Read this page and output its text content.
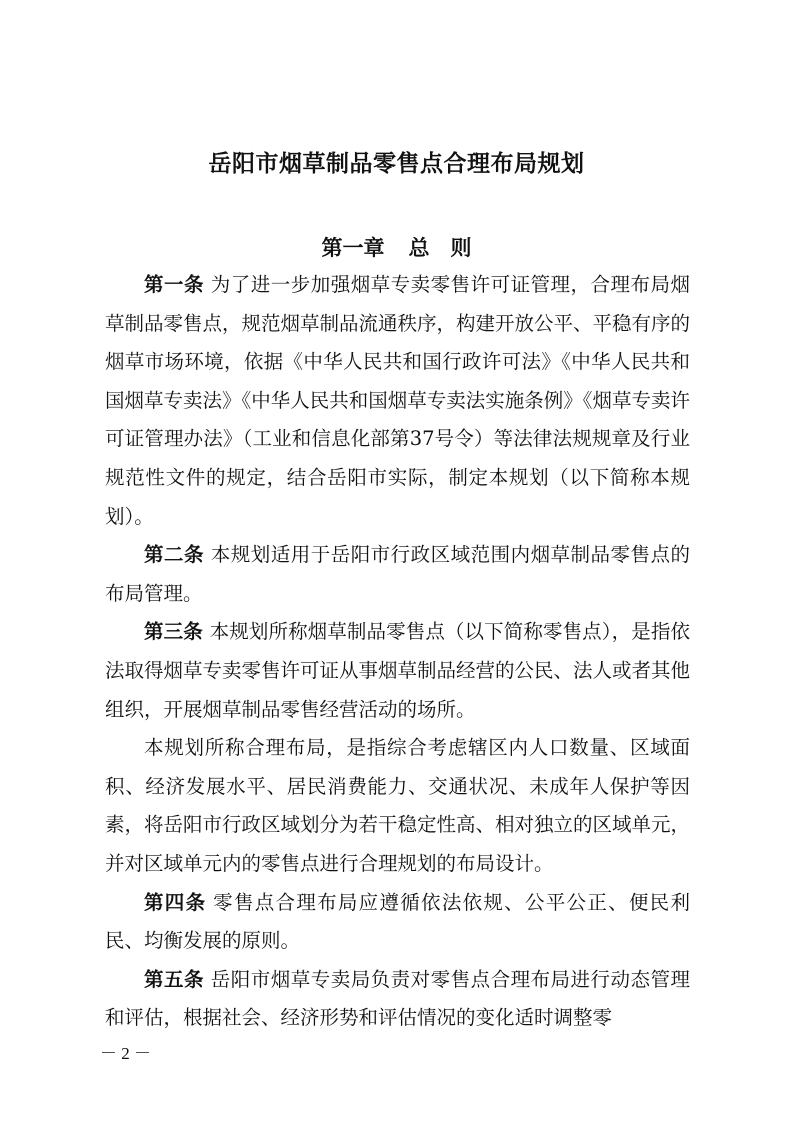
岳阳市烟草制品零售点合理布局规划
第一章 总　则

第一条 为了进一步加强烟草专卖零售许可证管理，合理布局烟草制品零售点，规范烟草制品流通秩序，构建开放公平、平稳有序的烟草市场环境，依据《中华人民共和国行政许可法》《中华人民共和国烟草专卖法》《中华人民共和国烟草专卖法实施条例》《烟草专卖许可证管理办法》（工业和信息化部第37号令）等法律法规规章及行业规范性文件的规定，结合岳阳市实际，制定本规划（以下简称本规划）。

第二条 本规划适用于岳阳市行政区域范围内烟草制品零售点的布局管理。

第三条 本规划所称烟草制品零售点（以下简称零售点），是指依法取得烟草专卖零售许可证从事烟草制品经营的公民、法人或者其他组织，开展烟草制品零售经营活动的场所。

本规划所称合理布局，是指综合考虑辖区内人口数量、区域面积、经济发展水平、居民消费能力、交通状况、未成年人保护等因素，将岳阳市行政区域划分为若干稳定性高、相对独立的区域单元，并对区域单元内的零售点进行合理规划的布局设计。

第四条 零售点合理布局应遵循依法依规、公平公正、便民利民、均衡发展的原则。

第五条 岳阳市烟草专卖局负责对零售点合理布局进行动态管理和评估，根据社会、经济形势和评估情况的变化适时调整零

－ 2 －
